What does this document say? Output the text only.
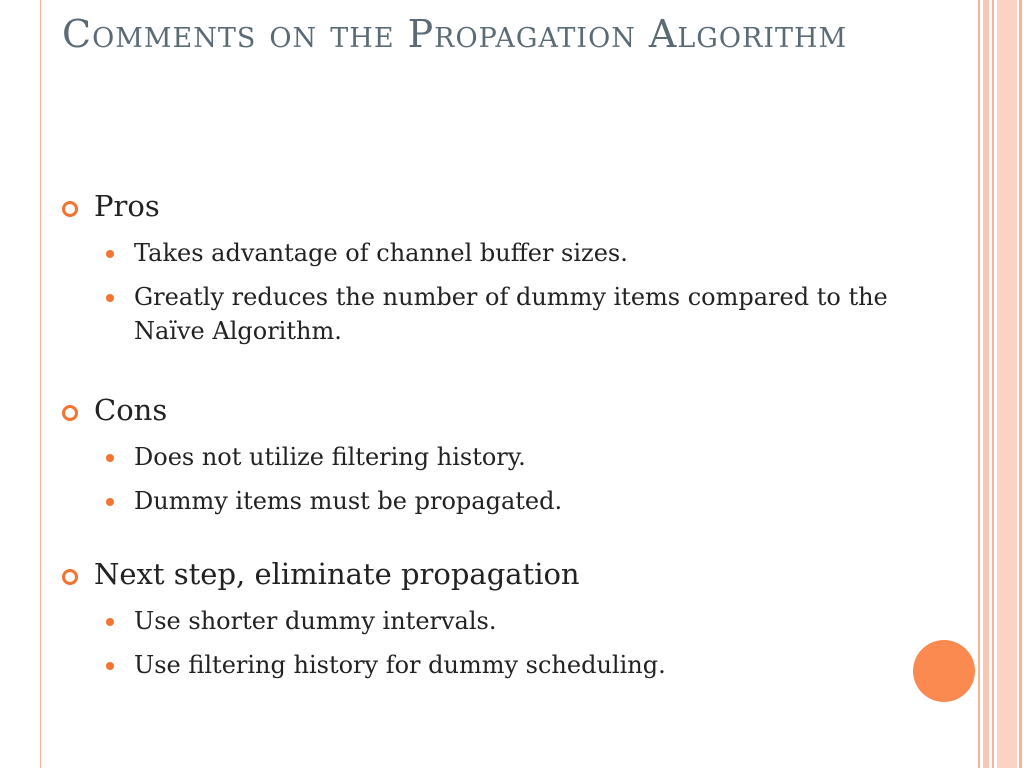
Comments on the Propagation Algorithm
Pros
Takes advantage of channel buffer sizes.
Greatly reduces the number of dummy items compared to the Naïve Algorithm.
Cons
Does not utilize filtering history.
Dummy items must be propagated.
Next step, eliminate propagation
Use shorter dummy intervals.
Use filtering history for dummy scheduling.
